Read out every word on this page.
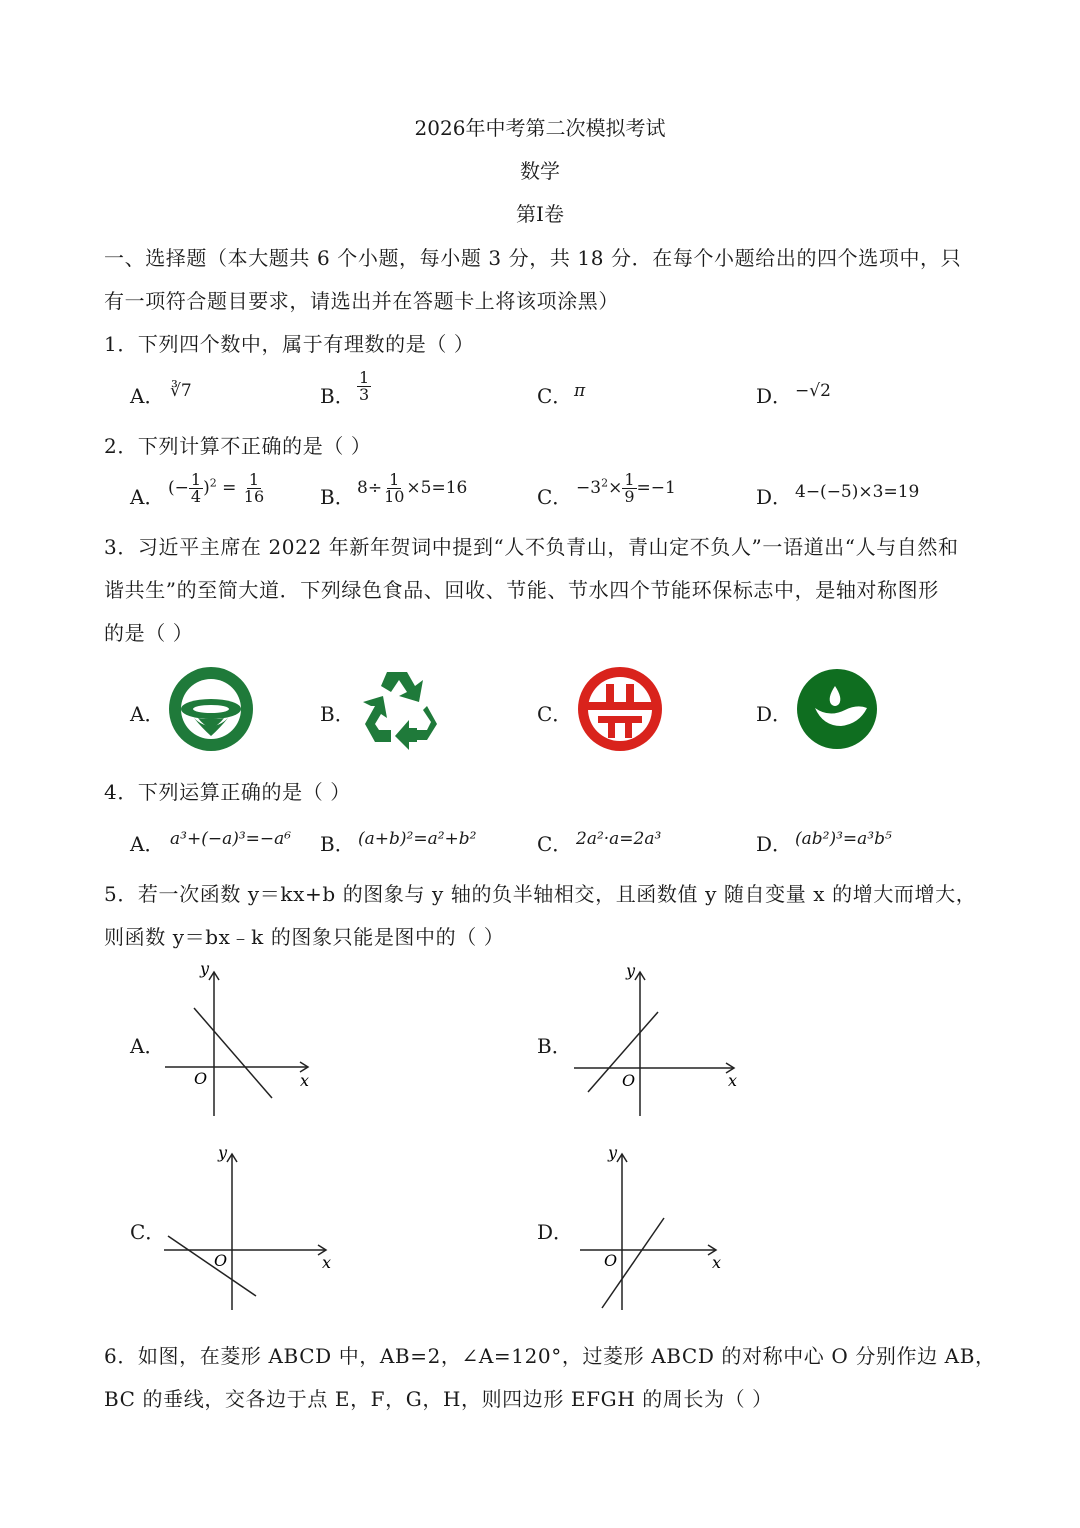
2026年中考第二次模拟考试
数学
第Ⅰ卷
一、选择题（本大题共 6 个小题，每小题 3 分，共 18 分．在每个小题给出的四个选项中，只
有一项符合题目要求，请选出并在答题卡上将该项涂黑）
1．下列四个数中，属于有理数的是（ ）
A． ∛7	B． $\frac{1}{3}$	C． π	D． −√2
2．下列计算不正确的是（ ）
A． (− $\frac{1}{4} )^2 = \frac{1}{16}$	B． $8\div \frac{1}{10} \times 5=16$	C． $-3^2\times \frac{1}{9} =-1$	D． 4−(−5)×3=19
3．习近平主席在 2022 年新年贺词中提到“人不负青山，青山定不负人”一语道出“人与自然和
谐共生”的至简大道．下列绿色食品、回收、节能、节水四个节能环保标志中，是轴对称图形
的是（ ）
A．	B．	C．	D．
4．下列运算正确的是（ ）
A． a³+(−a)³=−a⁶ B． (a+b)²=a²+b²	C． 2a²·a=2a³	D． (ab²)³=a³b⁵
5．若一次函数 y＝kx+b 的图象与 y 轴的负半轴相交，且函数值 y 随自变量 x 的增大而增大，
则函数 y＝bx﹣k 的图象只能是图中的（ ）
A．
y
x
O
B．
y
x
O
C．
y
x
O
D．
y
x
O
6．如图，在菱形 ABCD 中，AB=2，∠A=120°，过菱形 ABCD 的对称中心 O 分别作边 AB，
BC 的垂线，交各边于点 E，F，G，H，则四边形 EFGH 的周长为（ ）
